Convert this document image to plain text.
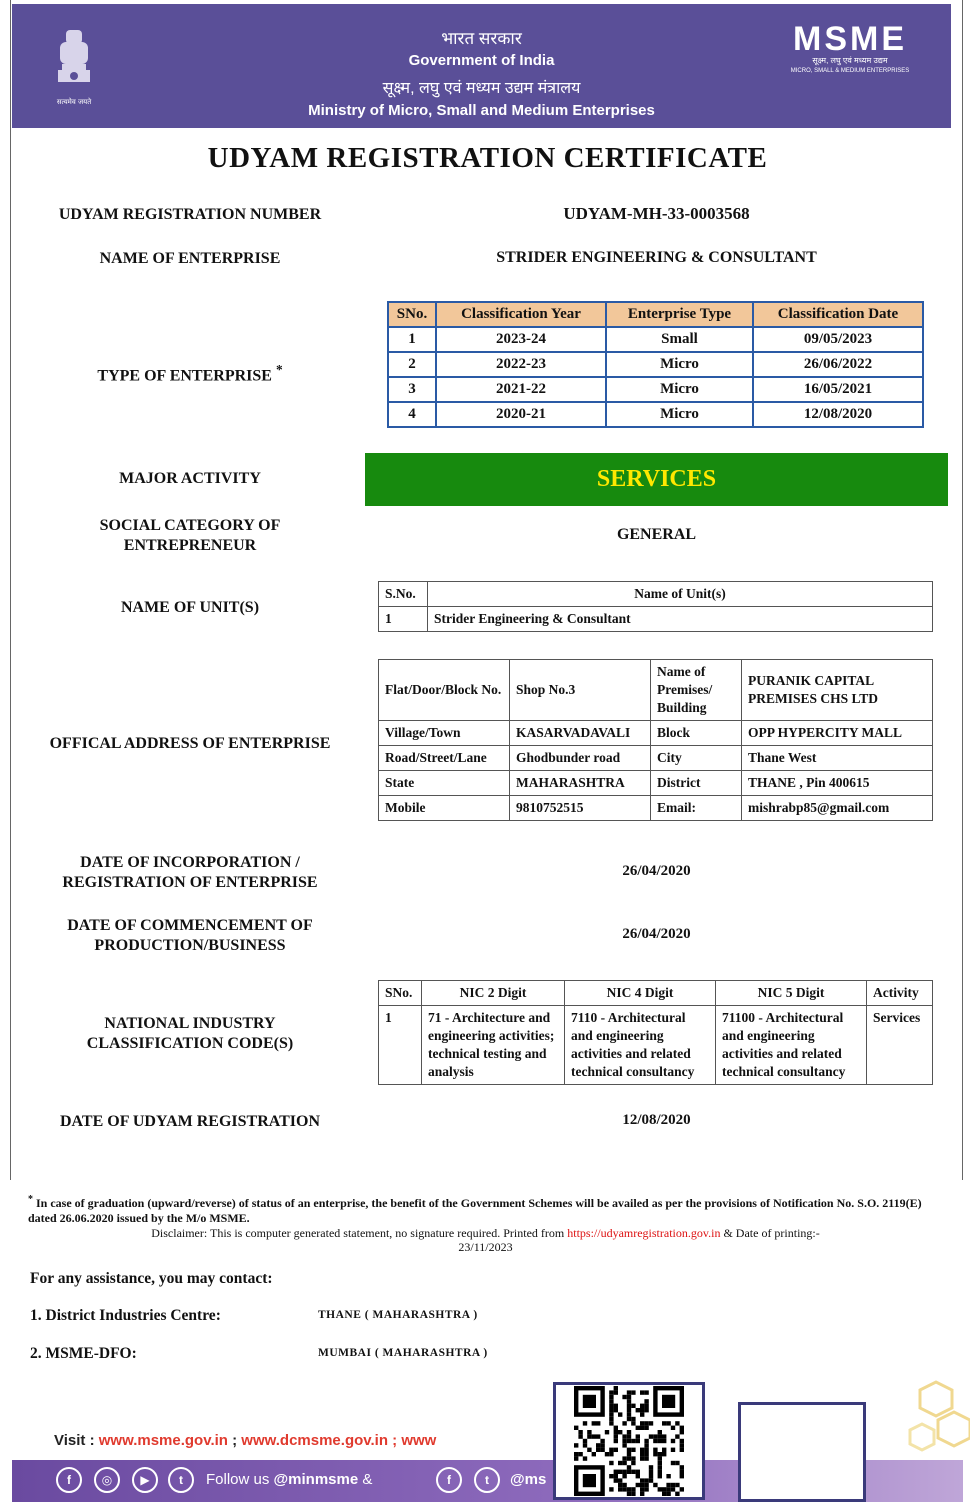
सत्यमेव जयते
भारत सरकार
Government of India
सूक्ष्म, लघु एवं मध्यम उद्यम मंत्रालय
Ministry of Micro, Small and Medium Enterprises
MSME
सूक्ष्म, लघु एवं मध्यम उद्यम
MICRO, SMALL & MEDIUM ENTERPRISES
UDYAM REGISTRATION CERTIFICATE
UDYAM REGISTRATION NUMBER	UDYAM-MH-33-0003568
NAME OF ENTERPRISE	STRIDER ENGINEERING & CONSULTANT
TYPE OF ENTERPRISE *
SNo.	Classification Year	Enterprise Type	Classification Date
1	2023-24	Small	09/05/2023
2	2022-23	Micro	26/06/2022
3	2021-22	Micro	16/05/2021
4	2020-21	Micro	12/08/2020
MAJOR ACTIVITY	SERVICES
SOCIAL CATEGORY OF
ENTREPRENEUR
GENERAL
NAME OF UNIT(S)
S.No.	Name of Unit(s)
1	Strider Engineering & Consultant
OFFICAL ADDRESS OF ENTERPRISE
Flat/Door/Block No.	Shop No.3	Name of Premises/ Building	PURANIK CAPITAL PREMISES CHS LTD
Village/Town	KASARVADAVALI	Block	OPP HYPERCITY MALL
Road/Street/Lane	Ghodbunder road	City	Thane West
State	MAHARASHTRA	District	THANE , Pin 400615
Mobile	9810752515	Email:	mishrabp85@gmail.com
DATE OF INCORPORATION /
REGISTRATION OF ENTERPRISE
26/04/2020
DATE OF COMMENCEMENT OF
PRODUCTION/BUSINESS
26/04/2020
NATIONAL INDUSTRY
CLASSIFICATION CODE(S)
SNo.	NIC 2 Digit	NIC 4 Digit	NIC 5 Digit	Activity
1	71 - Architecture and engineering activities; technical testing and analysis	7110 - Architectural and engineering activities and related technical consultancy	71100 - Architectural and engineering activities and related technical consultancy	Services
DATE OF UDYAM REGISTRATION	12/08/2020
* In case of graduation (upward/reverse) of status of an enterprise, the benefit of the Government Schemes will be availed as per the provisions of Notification No. S.O. 2119(E) dated 26.06.2020 issued by the M/o MSME.
Disclaimer: This is computer generated statement, no signature required. Printed from https://udyamregistration.gov.in & Date of printing:-
23/11/2023
For any assistance, you may contact:
1. District Industries Centre:	THANE ( MAHARASHTRA )
2. MSME-DFO:	MUMBAI ( MAHARASHTRA )
Visit : www.msme.gov.in ; www.dcmsme.gov.in ; www
f	◎	▶	t	Follow us @minmsme &	f	t	@ms
